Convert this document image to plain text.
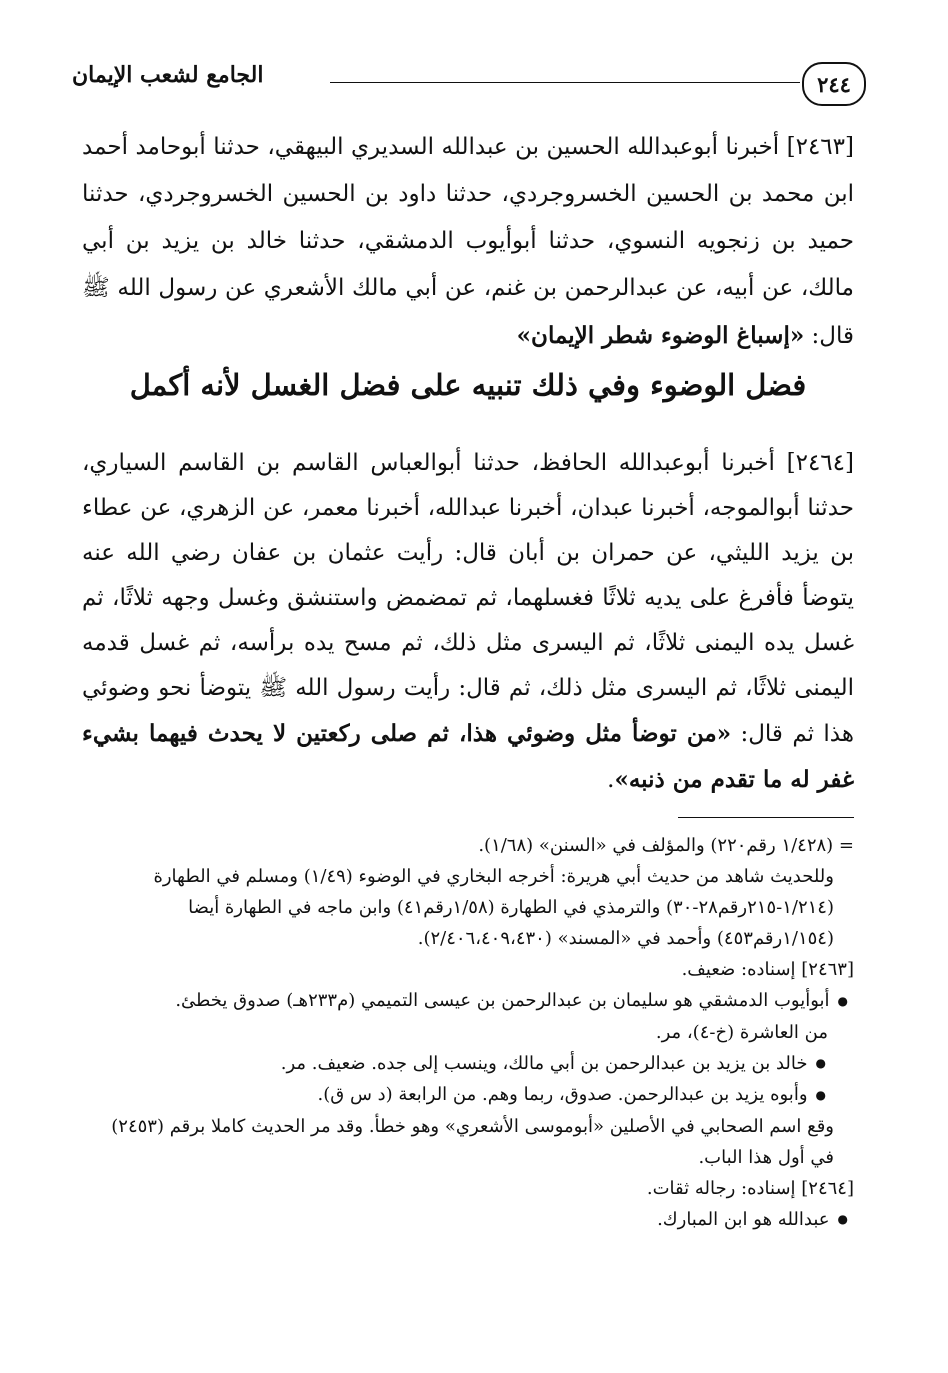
٢٤٤
الجامع لشعب الإيمان

[٢٤٦٣] أخبرنا أبوعبدالله الحسين بن عبدالله السديري البيهقي، حدثنا أبوحامد أحمد ابن محمد بن الحسين الخسروجردي، حدثنا داود بن الحسين الخسروجردي، حدثنا حميد بن زنجويه النسوي، حدثنا أبوأيوب الدمشقي، حدثنا خالد بن يزيد بن أبي مالك، عن أبيه، عن عبدالرحمن بن غنم، عن أبي مالك الأشعري عن رسول الله ﷺ قال: «إسباغ الوضوء شطر الإيمان»

فضل الوضوء وفي ذلك تنبيه على فضل الغسل لأنه أكمل

[٢٤٦٤] أخبرنا أبوعبدالله الحافظ، حدثنا أبوالعباس القاسم بن القاسم السياري، حدثنا أبوالموجه، أخبرنا عبدان، أخبرنا عبدالله، أخبرنا معمر، عن الزهري، عن عطاء بن يزيد الليثي، عن حمران بن أبان قال: رأيت عثمان بن عفان رضي الله عنه يتوضأ فأفرغ على يديه ثلاثًا فغسلهما، ثم تمضمض واستنشق وغسل وجهه ثلاثًا، ثم غسل يده اليمنى ثلاثًا، ثم اليسرى مثل ذلك، ثم مسح يده برأسه، ثم غسل قدمه اليمنى ثلاثًا، ثم اليسرى مثل ذلك، ثم قال: رأيت رسول الله ﷺ يتوضأ نحو وضوئي هذا ثم قال: «من توضأ مثل وضوئي هذا، ثم صلى ركعتين لا يحدث فيهما بشيء غفر له ما تقدم من ذنبه».

= (١/٤٢٨ رقم٢٢٠) والمؤلف في «السنن» (١/٦٨).

وللحديث شاهد من حديث أبي هريرة: أخرجه البخاري في الوضوء (١/٤٩) ومسلم في الطهارة (١/٢١٤-٢١٥رقم٢٨-٣٠) والترمذي في الطهارة (١/٥٨رقم٤١) وابن ماجه في الطهارة أيضا (١/١٥٤رقم٤٥٣) وأحمد في «المسند» (٢/٤٠٦،٤٠٩،٤٣٠).

[٢٤٦٣] إسناده: ضعيف.

● أبوأيوب الدمشقي هو سليمان بن عبدالرحمن بن عيسى التميمي (م٢٣٣هـ) صدوق يخطئ.

من العاشرة (خ-٤)، مر.

● خالد بن يزيد بن عبدالرحمن بن أبي مالك، وينسب إلى جده. ضعيف. مر.

● وأبوه يزيد بن عبدالرحمن. صدوق، ربما وهم. من الرابعة (د س ق).

وقع اسم الصحابي في الأصلين «أبوموسى الأشعري» وهو خطأ. وقد مر الحديث كاملا برقم (٢٤٥٣) في أول هذا الباب.

[٢٤٦٤] إسناده: رجاله ثقات.

● عبدالله هو ابن المبارك.
